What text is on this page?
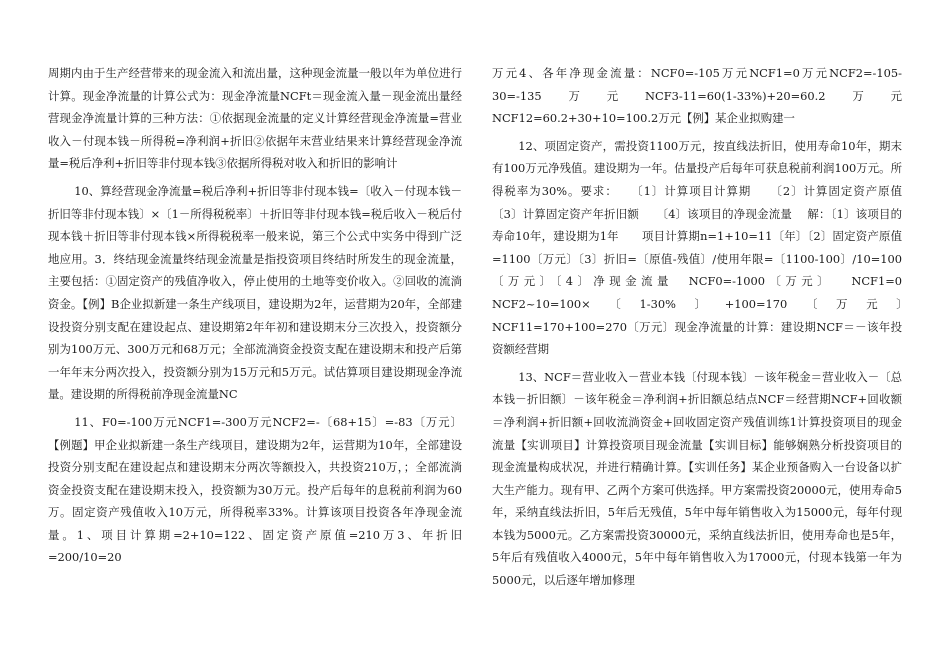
周期内由于生产经营带来的现金流入和流出量，这种现金流量一般以年为单位进行计算。现金净流量的计算公式为：现金净流量NCFt＝现金流入量－现金流出量经营现金净流量计算的三种方法：①依据现金流量的定义计算经营现金净流量=营业收入－付现本钱－所得税=净利润+折旧②依据年末营业结果来计算经营现金净流量=税后净利+折旧等非付现本钱③依据所得税对收入和折旧的影响计

10、算经营现金净流量=税后净利+折旧等非付现本钱=〔收入－付现本钱－折旧等非付现本钱〕×〔1－所得税税率〕＋折旧等非付现本钱=税后收入－税后付现本钱＋折旧等非付现本钱×所得税税率一般来说，第三个公式中实务中得到广泛地应用。3．终结现金流量终结现金流量是指投资项目终结时所发生的现金流量，主要包括：①固定资产的残值净收入，停止使用的土地等变价收入。②回收的流淌资金。【例】B企业拟新建一条生产线项目，建设期为2年，运营期为20年，全部建设投资分别支配在建设起点、建设期第2年年初和建设期末分三次投入，投资额分别为100万元、300万元和68万元；全部流淌资金投资支配在建设期末和投产后第一年年末分两次投入，投资额分别为15万元和5万元。试估算项目建设期现金净流量。建设期的所得税前净现金流量NC

11、F0=-100万元NCF1=-300万元NCF2=-〔68+15〕=-83〔万元〕【例题】甲企业拟新建一条生产线项目，建设期为2年，运营期为10年，全部建设投资分别支配在建设起点和建设期末分两次等额投入，共投资210万，；全部流淌资金投资支配在建设期末投入，投资额为30万元。投产后每年的息税前利润为60万。固定资产残值收入10万元，所得税率33%。计算该项目投资各年净现金流量。1、项目计算期=2+10=122、固定资产原值=210万3、年折旧=200/10=20

万元4、各年净现金流量：NCF0=-105万元NCF1=0万元NCF2=-105-30=-135万元NCF3-11=60(1-33%)+20=60.2万元NCF12=60.2+30+10=100.2万元【例】某企业拟购建一

12、项固定资产，需投资1100万元，按直线法折旧，使用寿命10年，期末有100万元净残值。建设期为一年。估量投产后每年可获息税前利润100万元。所得税率为30%。要求：　　〔1〕计算项目计算期　　〔2〕计算固定资产原值　　〔3〕计算固定资产年折旧额　　〔4〕该项目的净现金流量　 解：〔1〕该项目的寿命10年，建设期为1年　　项目计算期n=1+10=11〔年〕〔2〕固定资产原值=1100〔万元〕〔3〕折旧=〔原值-残值〕/使用年限=〔1100-100〕/10=100〔万元〕〔4〕净现金流量　NCF0=-1000〔万元〕　 NCF1=0　NCF2~10=100×〔1-30%〕+100=170〔万元〕　 NCF11=170+100=270〔万元〕现金净流量的计算：建设期NCF＝－该年投资额经营期

13、NCF＝营业收入－营业本钱〔付现本钱〕－该年税金＝营业收入－〔总本钱－折旧额〕－该年税金＝净利润+折旧额总结点NCF＝经营期NCF+回收额＝净利润+折旧额+回收流淌资金+回收固定资产残值训练1计算投资项目的现金流量【实训项目】计算投资项目现金流量【实训目标】能够娴熟分析投资项目的现金流量构成状况，并进行精确计算。【实训任务】某企业预备购入一台设备以扩大生产能力。现有甲、乙两个方案可供选择。甲方案需投资20000元，使用寿命5年，采纳直线法折旧，5年后无残值，5年中每年销售收入为15000元，每年付现本钱为5000元。乙方案需投资30000元，采纳直线法折旧，使用寿命也是5年，5年后有残值收入4000元，5年中每年销售收入为17000元，付现本钱第一年为5000元，以后逐年增加修理
